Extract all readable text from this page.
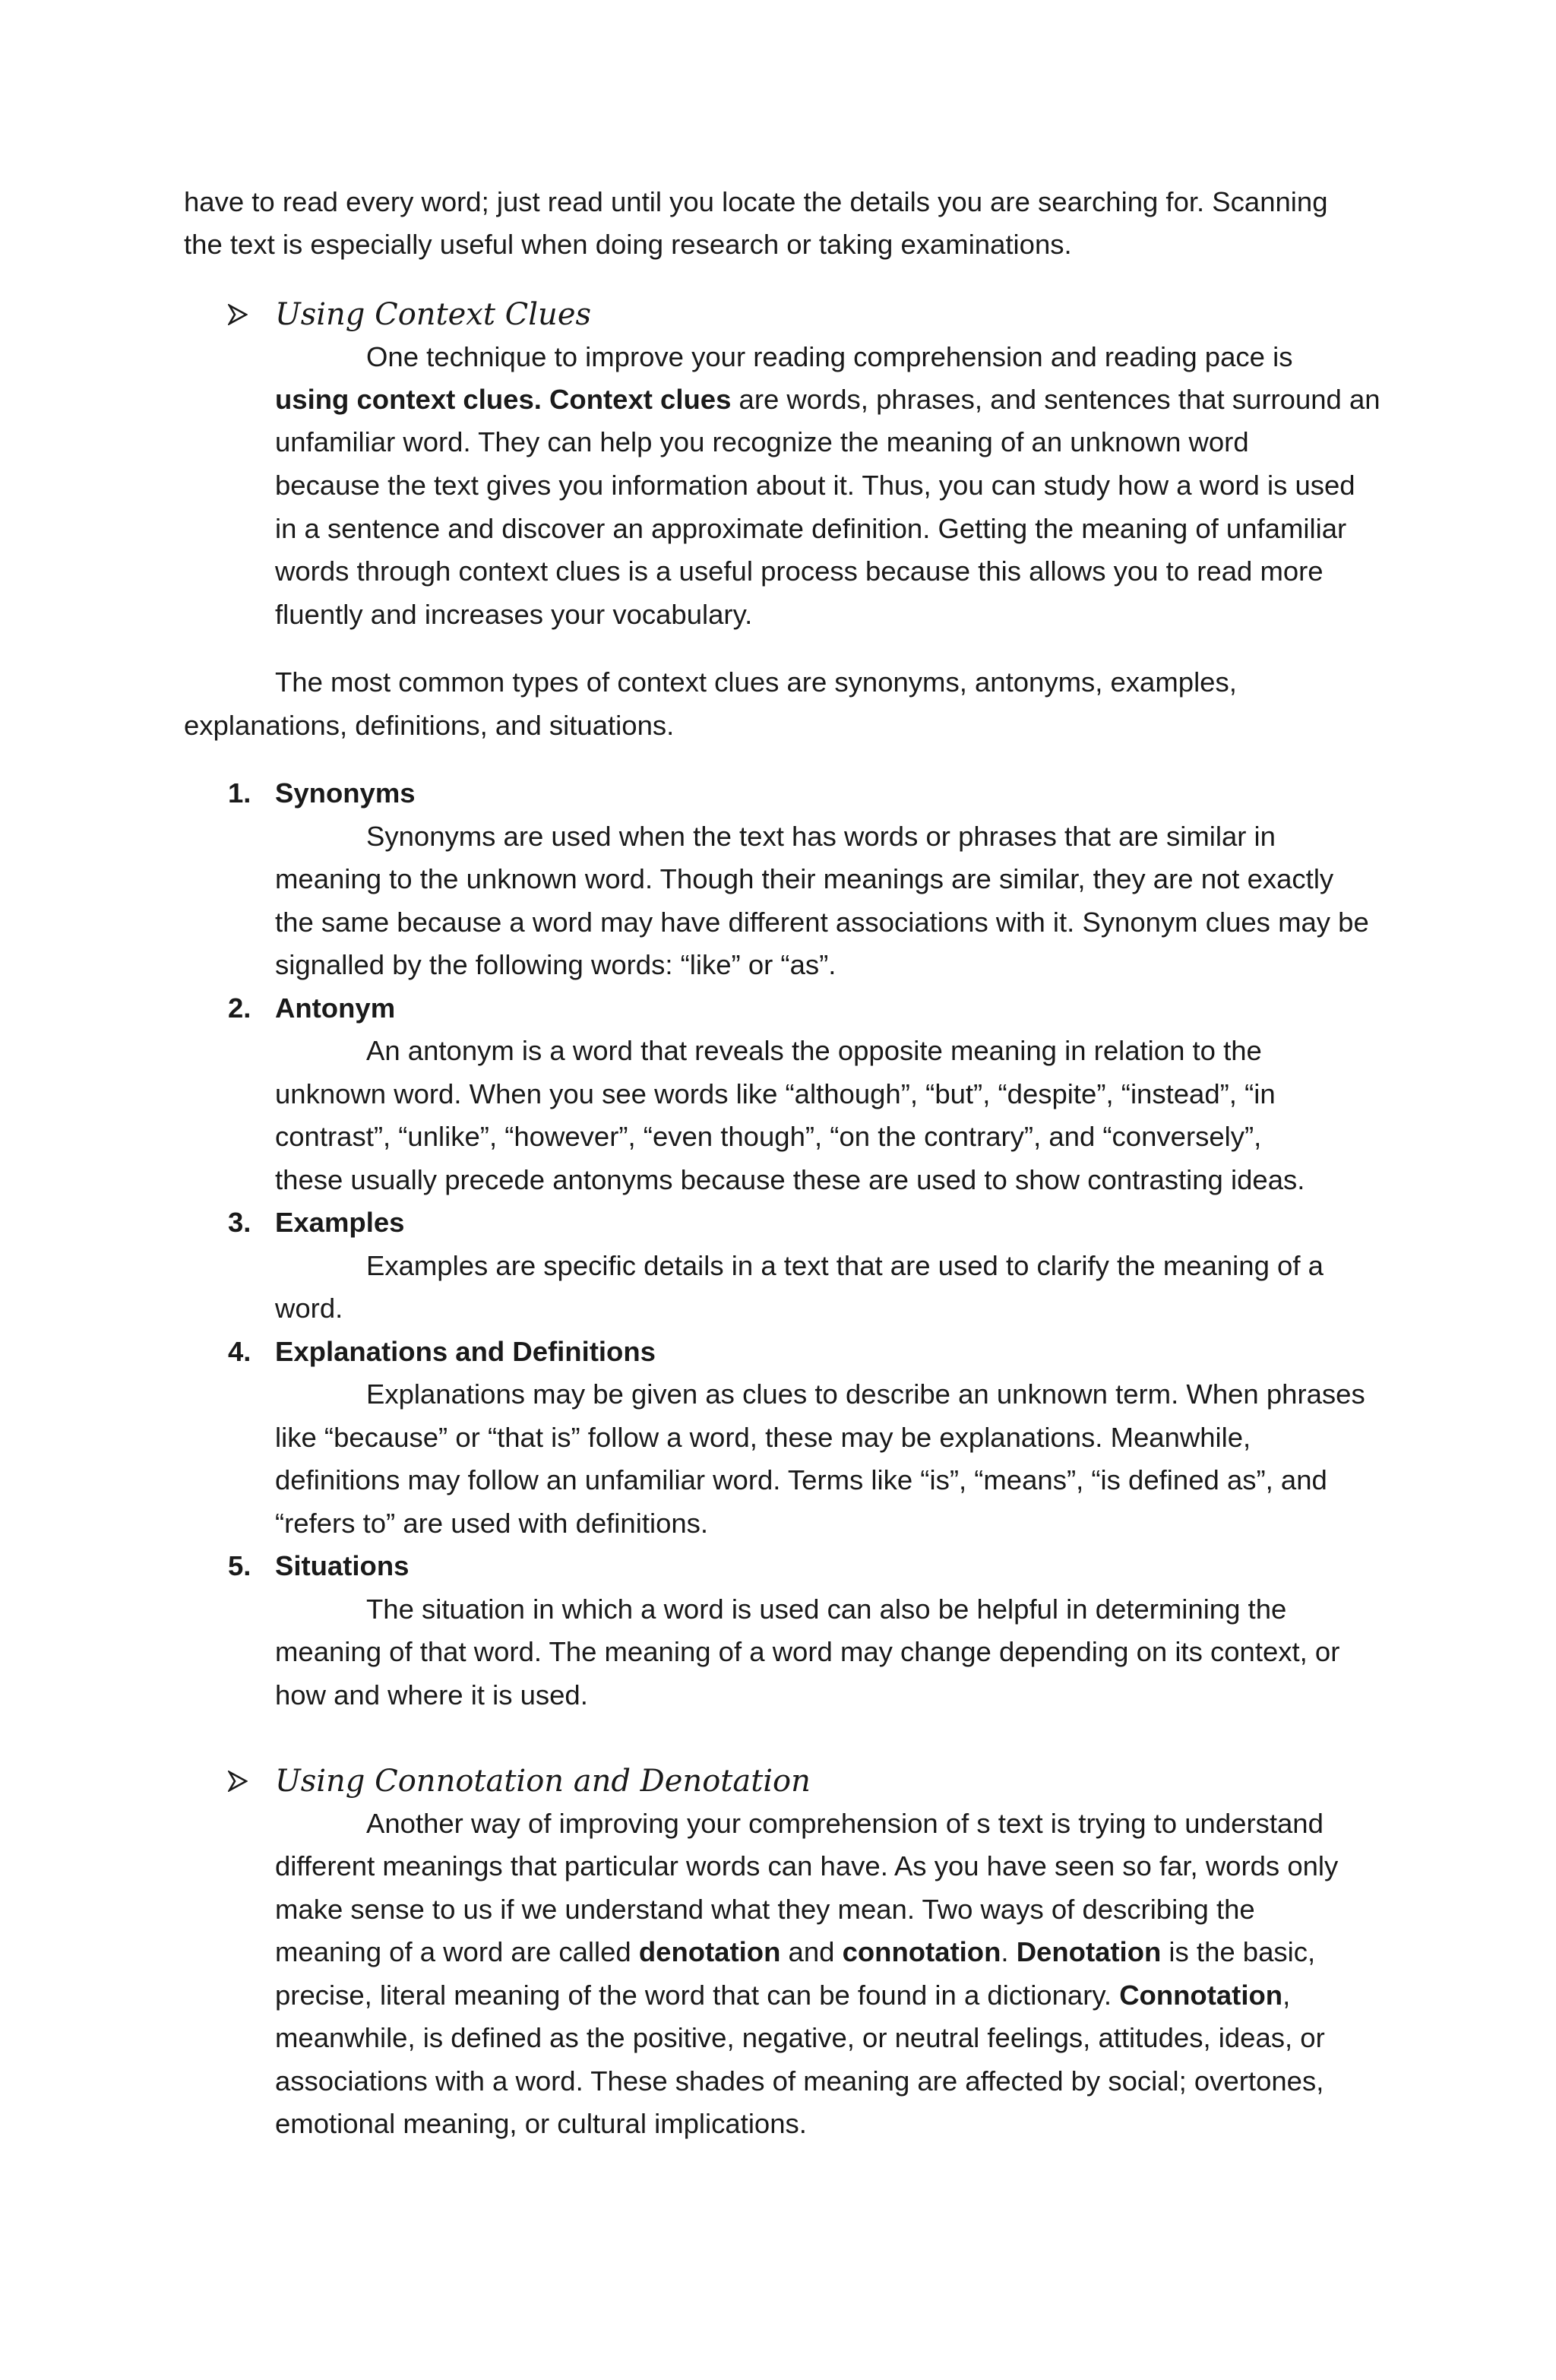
have to read every word; just read until you locate the details you are searching for. Scanning

the text is especially useful when doing research or taking examinations.

Using Context Clues

One technique to improve your reading comprehension and reading pace is

using context clues. Context clues are words, phrases, and sentences that surround an

unfamiliar word. They can help you recognize the meaning of an unknown word

because the text gives you information about it. Thus, you can study how a word is used

in a sentence and discover an approximate definition. Getting the meaning of unfamiliar

words through context clues is a useful process because this allows you to read more

fluently and increases your vocabulary.

The most common types of context clues are synonyms, antonyms, examples,

explanations, definitions, and situations.

1. Synonyms

Synonyms are used when the text has words or phrases that are similar in

meaning to the unknown word. Though their meanings are similar, they are not exactly

the same because a word may have different associations with it. Synonym clues may be

signalled by the following words: “like” or “as”.

2. Antonym

An antonym is a word that reveals the opposite meaning in relation to the

unknown word. When you see words like “although”, “but”, “despite”, “instead”, “in

contrast”, “unlike”, “however”, “even though”, “on the contrary”, and “conversely”,

these usually precede antonyms because these are used to show contrasting ideas.

3. Examples

Examples are specific details in a text that are used to clarify the meaning of a

word.

4. Explanations and Definitions

Explanations may be given as clues to describe an unknown term. When phrases

like “because” or “that is” follow a word, these may be explanations. Meanwhile,

definitions may follow an unfamiliar word. Terms like “is”, “means”, “is defined as”, and

“refers to” are used with definitions.

5. Situations

The situation in which a word is used can also be helpful in determining the

meaning of that word. The meaning of a word may change depending on its context, or

how and where it is used.

Using Connotation and Denotation

Another way of improving your comprehension of s text is trying to understand

different meanings that particular words can have. As you have seen so far, words only

make sense to us if we understand what they mean. Two ways of describing the

meaning of a word are called denotation and connotation. Denotation is the basic,

precise, literal meaning of the word that can be found in a dictionary. Connotation,

meanwhile, is defined as the positive, negative, or neutral feelings, attitudes, ideas, or

associations with a word. These shades of meaning are affected by social; overtones,

emotional meaning, or cultural implications.
